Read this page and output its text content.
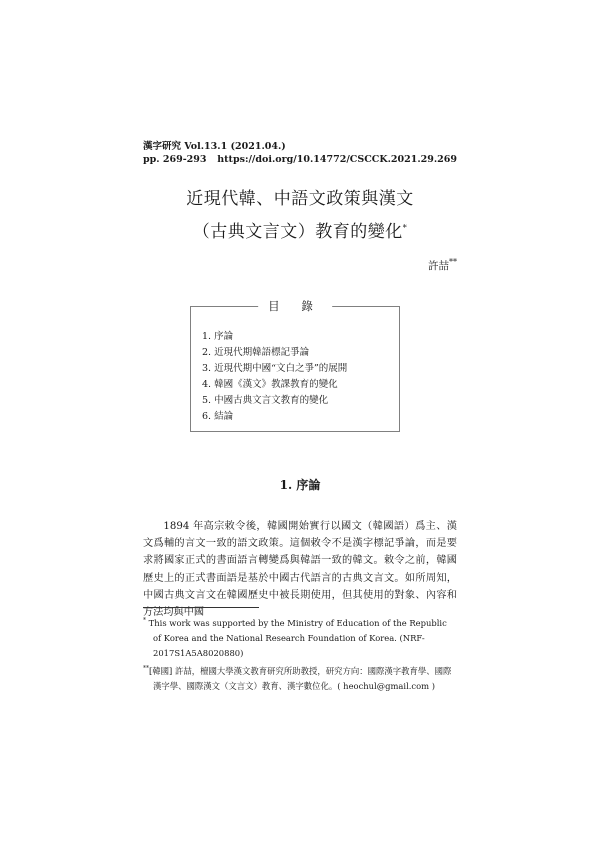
漢字研究 Vol.13.1 (2021.04.)
pp. 269-293 https://doi.org/10.14772/CSCCK.2021.29.269
近現代韓、中語文政策與漢文
（古典文言文）教育的變化*
許喆**
目 錄
1. 序論
2. 近現代期韓語標記爭論
3. 近現代期中國“文白之爭”的展開
4. 韓國《漢文》教課教育的變化
5. 中國古典文言文教育的變化
6. 結論
1. 序論

1894 年高宗敕令後，韓國開始實行以國文（韓國語）爲主、漢文爲輔的言文一致的語文政策。這個敕令不是漢字標記爭論，而是要求將國家正式的書面語言轉變爲與韓語一致的韓文。敕令之前，韓國歷史上的正式書面語是基於中國古代語言的古典文言文。如所周知，中國古典文言文在韓國歷史中被長期使用，但其使用的對象、內容和方法均與中國

* This work was supported by the Ministry of Education of the Republic of Korea and the National Research Foundation of Korea. (NRF-2017S1A5A8020880)

**[韓國] 許喆，檀國大學漢文教育研究所助教授，研究方向：國際漢字教育學、國際漢字學、國際漢文（文言文）教育、漢字數位化。( heochul@gmail.com )
